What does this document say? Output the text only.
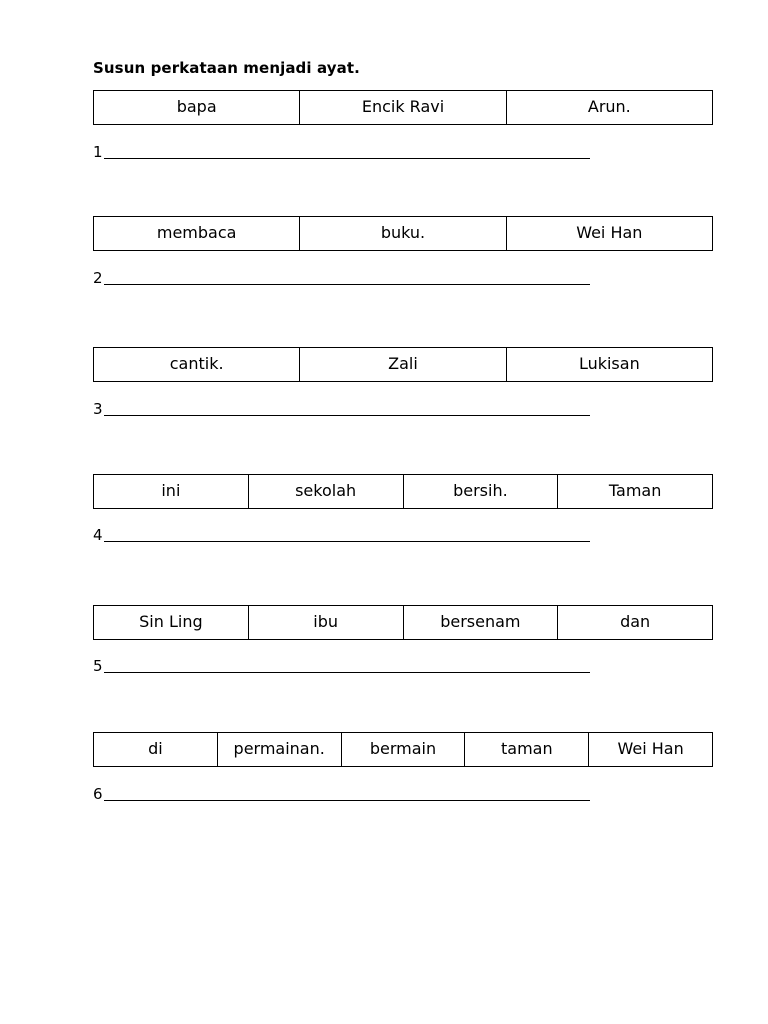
Susun perkataan menjadi ayat.
bapa	Encik Ravi	Arun.
1
membaca	buku.	Wei Han
2
cantik.	Zali	Lukisan
3
ini	sekolah	bersih.	Taman
4
Sin Ling	ibu	bersenam	dan
5
di	permainan.	bermain	taman	Wei Han
6
